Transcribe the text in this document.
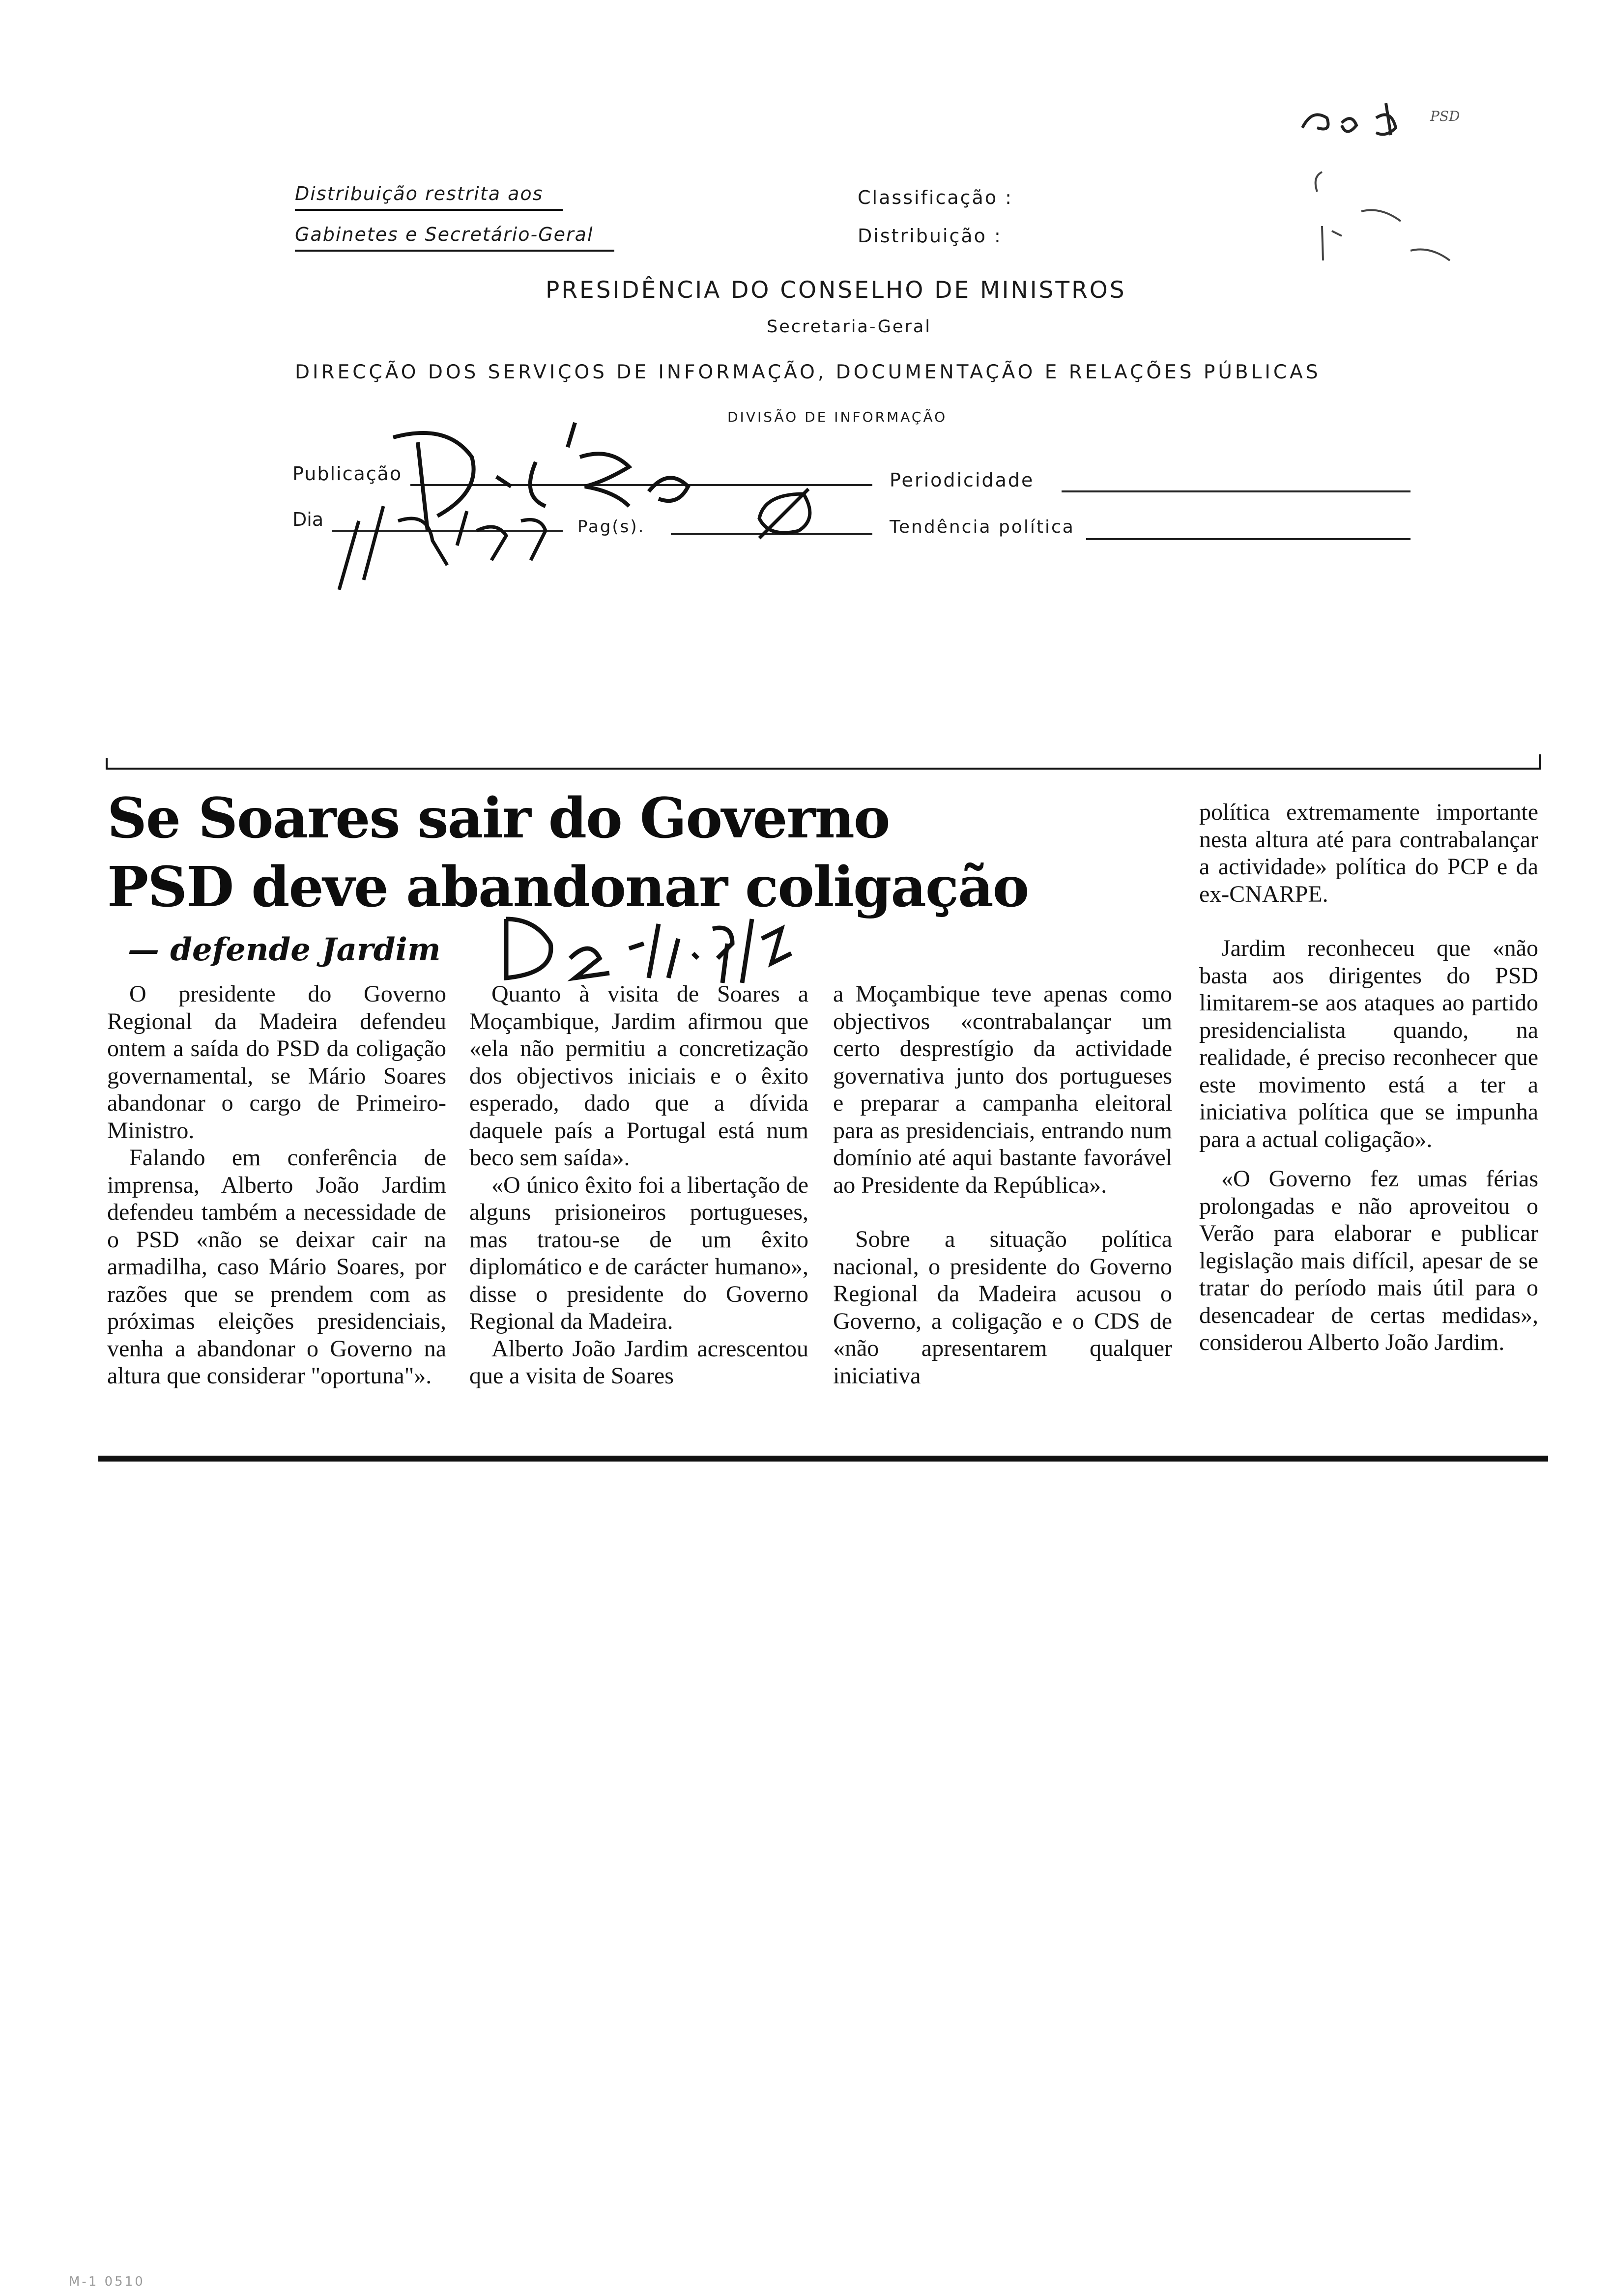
Distribuição restrita aos
Gabinetes e Secretário-Geral
Classificação :
Distribuição :
PRESIDÊNCIA DO CONSELHO DE MINISTROS
Secretaria-Geral
DIRECÇÃO DOS SERVIÇOS DE INFORMAÇÃO, DOCUMENTAÇÃO E RELAÇÕES PÚBLICAS
DIVISÃO DE INFORMAÇÃO
Publicação
Dia	Pag(s).
Periodicidade
Tendência política
PSD
Se Soares sair do Governo
PSD deve abandonar coligação
— defende Jardim

O presidente do Governo Regional da Madeira defendeu ontem a saída do PSD da coligação governamental, se Mário Soares abandonar o cargo de Primeiro-Ministro.

Falando em conferência de imprensa, Alberto João Jardim defendeu também a necessidade de o PSD «não se deixar cair na armadilha, caso Mário Soares, por razões que se prendem com as próximas eleições presidenciais, venha a abandonar o Governo na altura que considerar "oportuna"».

Quanto à visita de Soares a Moçambique, Jardim afirmou que «ela não permitiu a concretização dos objectivos iniciais e o êxito esperado, dado que a dívida daquele país a Portugal está num beco sem saída».

«O único êxito foi a libertação de alguns prisioneiros portugueses, mas tratou-se de um êxito diplomático e de carácter humano», disse o presidente do Governo Regional da Madeira.

Alberto João Jardim acrescentou que a visita de Soares

a Moçambique teve apenas como objectivos «contrabalançar um certo desprestígio da actividade governativa junto dos portugueses e preparar a campanha eleitoral para as presidenciais, entrando num domínio até aqui bastante favorável ao Presidente da República».

Sobre a situação política nacional, o presidente do Governo Regional da Madeira acusou o Governo, a coligação e o CDS de «não apresentarem qualquer iniciativa

política extremamente importante nesta altura até para contrabalançar a actividade» política do PCP e da ex-CNARPE.

Jardim reconheceu que «não basta aos dirigentes do PSD limitarem-se aos ataques ao partido presidencialista quando, na realidade, é preciso reconhecer que este movimento está a ter a iniciativa política que se impunha para a actual coligação».

«O Governo fez umas férias prolongadas e não aproveitou o Verão para elaborar e publicar legislação mais difícil, apesar de se tratar do período mais útil para o desencadear de certas medidas», considerou Alberto João Jardim.

M-1 0510
